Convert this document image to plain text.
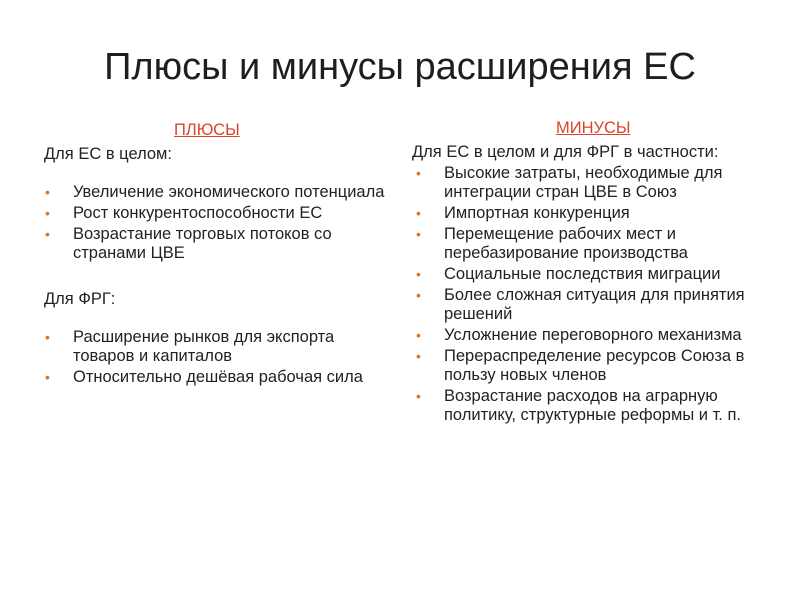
Плюсы и минусы расширения ЕС
ПЛЮСЫ
Для ЕС в целом:
• Увеличение экономического потенциала
• Рост конкурентоспособности ЕС
• Возрастание торговых потоков со странами ЦВЕ
Для ФРГ:
• Расширение рынков для экспорта товаров и капиталов
• Относительно дешёвая рабочая сила
МИНУСЫ
Для ЕС в целом и для ФРГ в частности:
• Высокие затраты, необходимые для интеграции стран ЦВЕ в Союз
• Импортная конкуренция
• Перемещение рабочих мест и перебазирование производства
• Социальные последствия миграции
• Более сложная ситуация для принятия решений
• Усложнение переговорного механизма
• Перераспределение ресурсов Союза в пользу новых членов
• Возрастание расходов на аграрную политику, структурные реформы и т. п.
